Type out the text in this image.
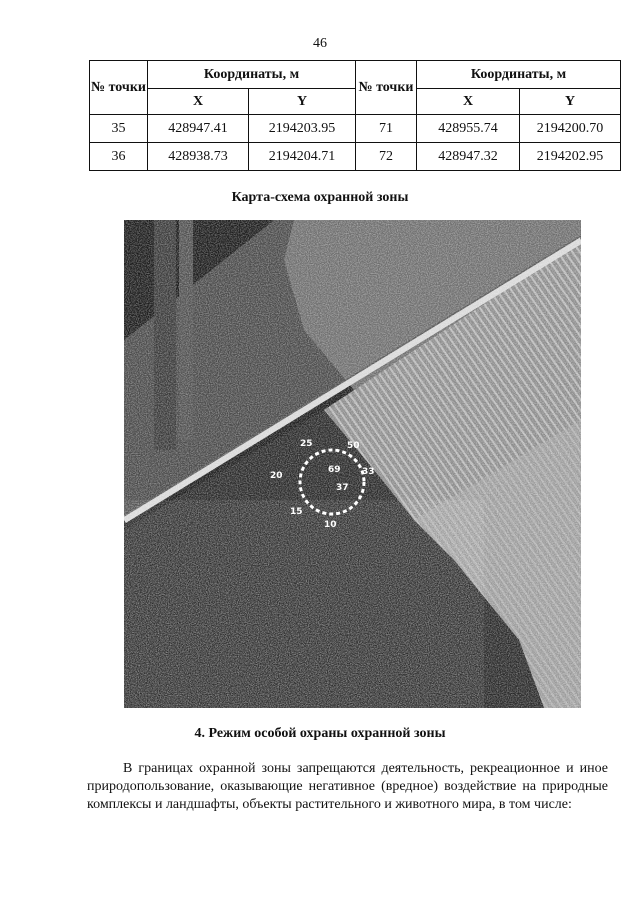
46
№ точки	Координаты, м		№ точки	Координаты, м	
	X	Y		X	Y
35	428947.41	2194203.95	71	428955.74	2194200.70
36	428938.73	2194204.71	72	428947.32	2194202.95
Карта-схема охранной зоны
25	50
20
69 33
37
15
10
4. Режим особой охраны охранной зоны

В границах охранной зоны запрещаются деятельность, рекреационное и иное природопользование, оказывающие негативное (вредное) воздействие на природные комплексы и ландшафты, объекты растительного и животного мира, в том числе:
